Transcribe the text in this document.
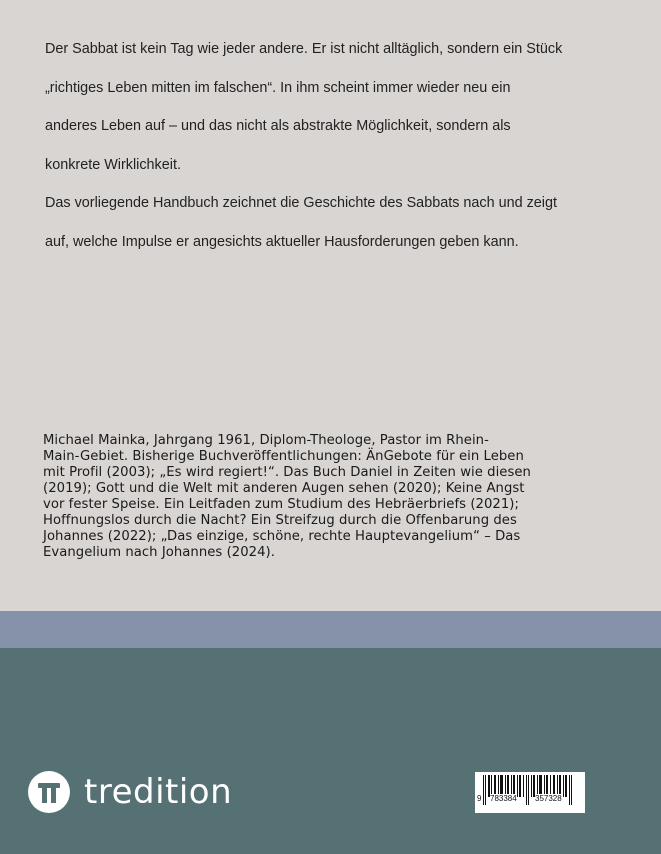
Der Sabbat ist kein Tag wie jeder andere. Er ist nicht alltäglich, sondern ein Stück

„richtiges Leben mitten im falschen“. In ihm scheint immer wieder neu ein

anderes Leben auf – und das nicht als abstrakte Möglichkeit, sondern als

konkrete Wirklichkeit.

Das vorliegende Handbuch zeichnet die Geschichte des Sabbats nach und zeigt

auf, welche Impulse er angesichts aktueller Hausforderungen geben kann.

Michael Mainka, Jahrgang 1961, Diplom-Theologe, Pastor im Rhein-

Main-Gebiet. Bisherige Buchveröffentlichungen: ÄnGebote für ein Leben

mit Profil (2003); „Es wird regiert!“. Das Buch Daniel in Zeiten wie diesen

(2019); Gott und die Welt mit anderen Augen sehen (2020); Keine Angst

vor fester Speise. Ein Leitfaden zum Studium des Hebräerbriefs (2021);

Hoffnungslos durch die Nacht? Ein Streifzug durch die Offenbarung des

Johannes (2022); „Das einzige, schöne, rechte Hauptevangelium“ – Das

Evangelium nach Johannes (2024).

tredition	9 783384 357328
